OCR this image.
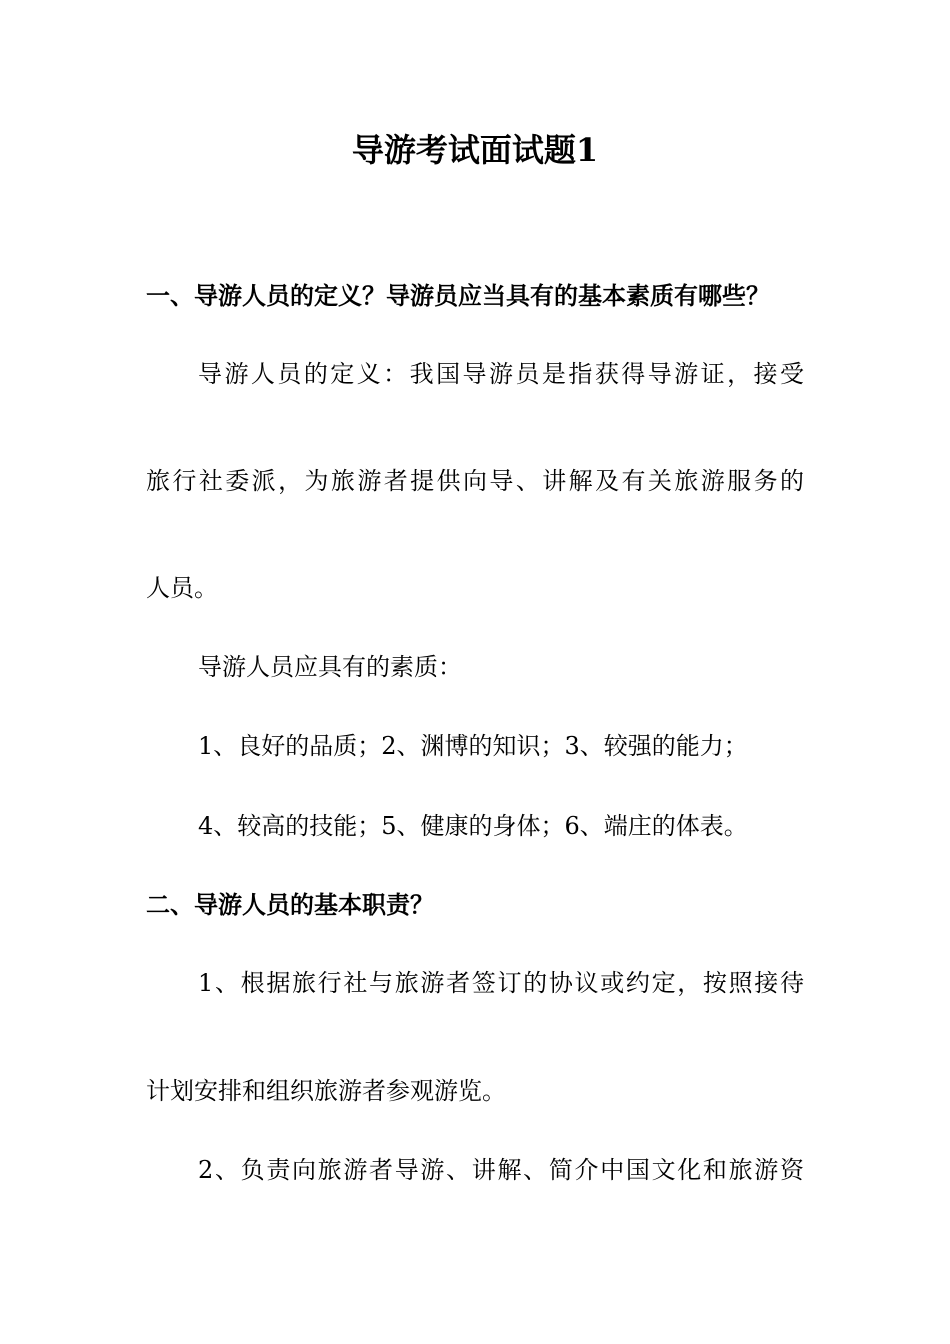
导游考试面试题1
一、导游人员的定义？导游员应当具有的基本素质有哪些？
导游人员的定义：我国导游员是指获得导游证，接受
旅行社委派，为旅游者提供向导、讲解及有关旅游服务的
人员。
导游人员应具有的素质：
1、良好的品质；2、渊博的知识；3、较强的能力；
4、较高的技能；5、健康的身体；6、端庄的体表。
二、导游人员的基本职责？
1、根据旅行社与旅游者签订的协议或约定，按照接待
计划安排和组织旅游者参观游览。
2、负责向旅游者导游、讲解、简介中国文化和旅游资
